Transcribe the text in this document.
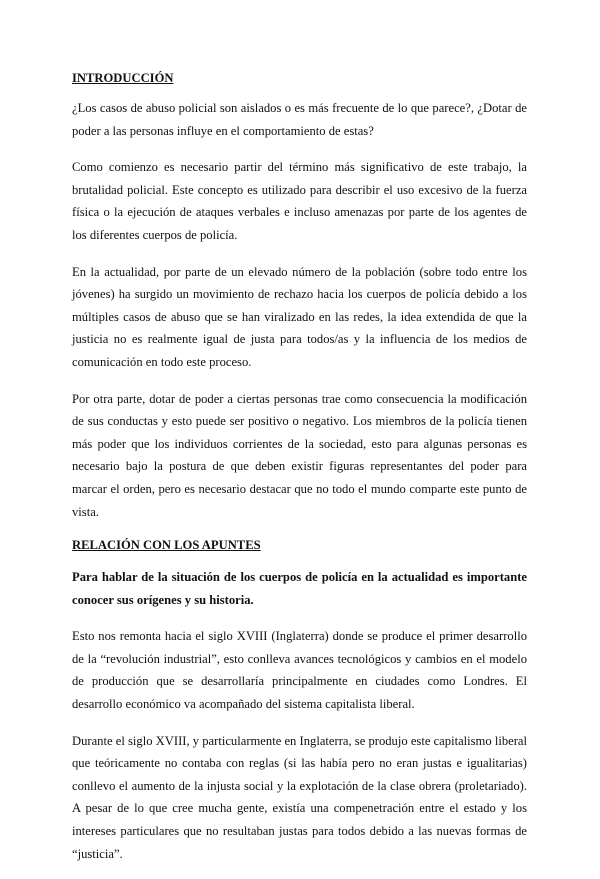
INTRODUCCIÓN

¿Los casos de abuso policial son aislados o es más frecuente de lo que parece?, ¿Dotar de poder a las personas influye en el comportamiento de estas?

Como comienzo es necesario partir del término más significativo de este trabajo, la brutalidad policial. Este concepto es utilizado para describir el uso excesivo de la fuerza física o la ejecución de ataques verbales e incluso amenazas por parte de los agentes de los diferentes cuerpos de policía.

En la actualidad, por parte de un elevado número de la población (sobre todo entre los jóvenes) ha surgido un movimiento de rechazo hacia los cuerpos de policía debido a los múltiples casos de abuso que se han viralizado en las redes, la idea extendida de que la justicia no es realmente igual de justa para todos/as y la influencia de los medios de comunicación en todo este proceso.

Por otra parte, dotar de poder a ciertas personas trae como consecuencia la modificación de sus conductas y esto puede ser positivo o negativo. Los miembros de la policía tienen más poder que los individuos corrientes de la sociedad, esto para algunas personas es necesario bajo la postura de que deben existir figuras representantes del poder para marcar el orden, pero es necesario destacar que no todo el mundo comparte este punto de vista.

RELACIÓN CON LOS APUNTES

Para hablar de la situación de los cuerpos de policía en la actualidad es importante conocer sus orígenes y su historia.

Esto nos remonta hacia el siglo XVIII (Inglaterra) donde se produce el primer desarrollo de la “revolución industrial”, esto conlleva avances tecnológicos y cambios en el modelo de producción que se desarrollaría principalmente en ciudades como Londres. El desarrollo económico va acompañado del sistema capitalista liberal.

Durante el siglo XVIII, y particularmente en Inglaterra, se produjo este capitalismo liberal que teóricamente no contaba con reglas (si las había pero no eran justas e igualitarias) conllevo el aumento de la injusta social y la explotación de la clase obrera (proletariado). A pesar de lo que cree mucha gente, existía una compenetración entre el estado y los intereses particulares que no resultaban justas para todos debido a las nuevas formas de “justicia”.
